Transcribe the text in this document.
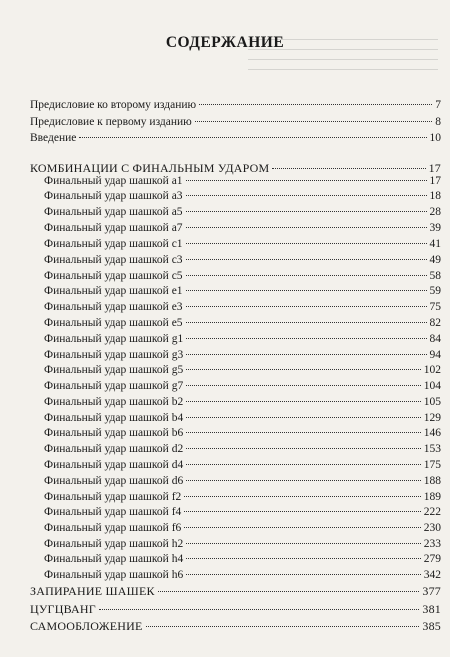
СОДЕРЖАНИЕ
Предисловие ко второму изданию	7
Предисловие к первому изданию	8
Введение	10
КОМБИНАЦИИ С ФИНАЛЬНЫМ УДАРОМ	17
Финальный удар шашкой a1	17
Финальный удар шашкой a3	18
Финальный удар шашкой a5	28
Финальный удар шашкой a7	39
Финальный удар шашкой c1	41
Финальный удар шашкой c3	49
Финальный удар шашкой c5	58
Финальный удар шашкой e1	59
Финальный удар шашкой e3	75
Финальный удар шашкой e5	82
Финальный удар шашкой g1	84
Финальный удар шашкой g3	94
Финальный удар шашкой g5	102
Финальный удар шашкой g7	104
Финальный удар шашкой b2	105
Финальный удар шашкой b4	129
Финальный удар шашкой b6	146
Финальный удар шашкой d2	153
Финальный удар шашкой d4	175
Финальный удар шашкой d6	188
Финальный удар шашкой f2	189
Финальный удар шашкой f4	222
Финальный удар шашкой f6	230
Финальный удар шашкой h2	233
Финальный удар шашкой h4	279
Финальный удар шашкой h6	342
ЗАПИРАНИЕ ШАШЕК	377
ЦУГЦВАНГ	381
САМООБЛОЖЕНИЕ	385
